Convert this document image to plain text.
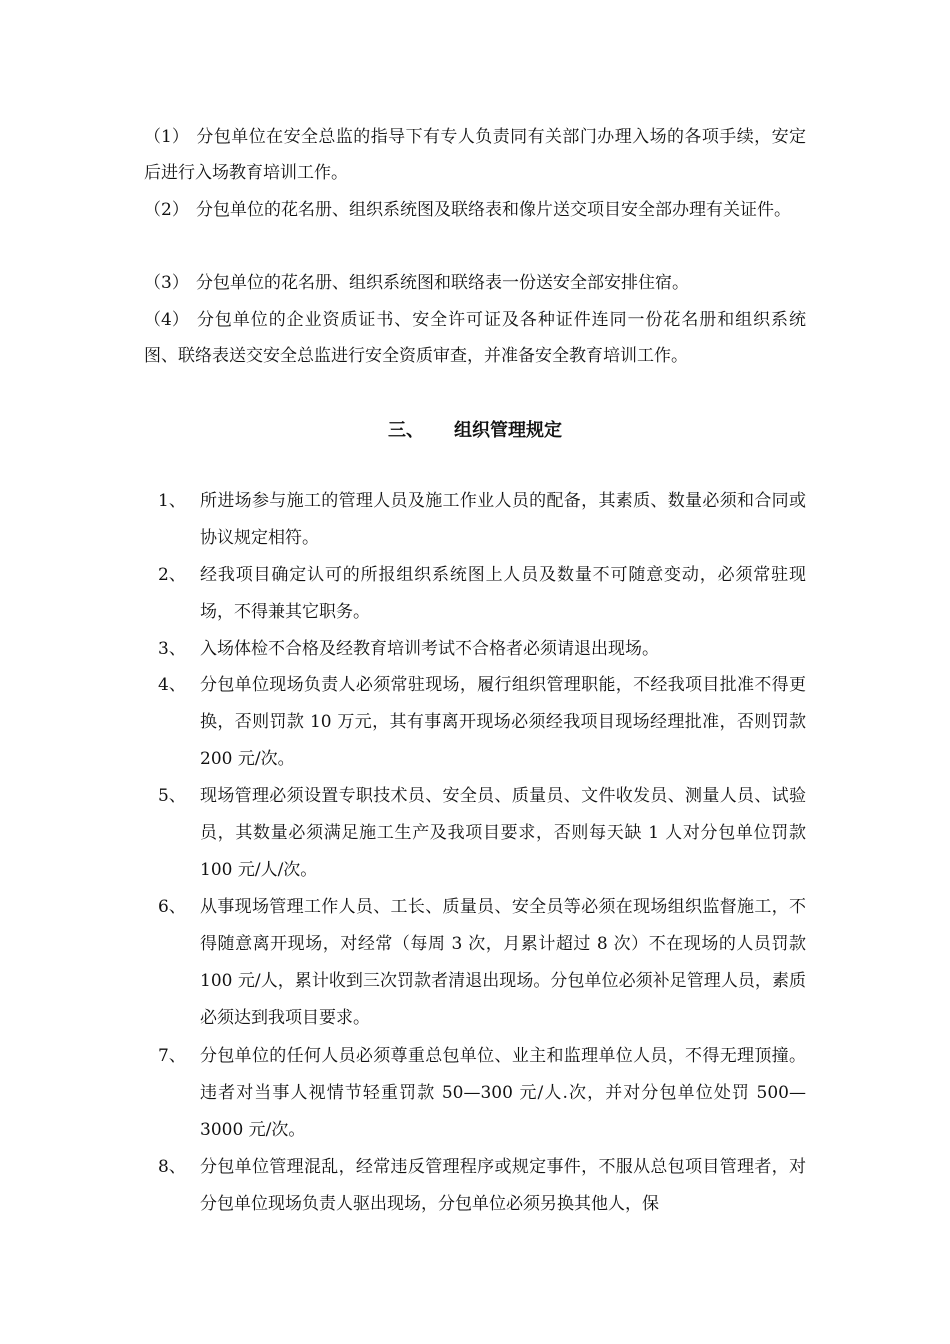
（1） 分包单位在安全总监的指导下有专人负责同有关部门办理入场的各项手续，安定后进行入场教育培训工作。

（2） 分包单位的花名册、组织系统图及联络表和像片送交项目安全部办理有关证件。

（3） 分包单位的花名册、组织系统图和联络表一份送安全部安排住宿。

（4） 分包单位的企业资质证书、安全许可证及各种证件连同一份花名册和组织系统图、联络表送交安全总监进行安全资质审查，并准备安全教育培训工作。

三、 组织管理规定
1、 所进场参与施工的管理人员及施工作业人员的配备，其素质、数量必须和合同或协议规定相符。
2、 经我项目确定认可的所报组织系统图上人员及数量不可随意变动，必须常驻现场，不得兼其它职务。
3、 入场体检不合格及经教育培训考试不合格者必须请退出现场。
4、 分包单位现场负责人必须常驻现场，履行组织管理职能，不经我项目批准不得更换，否则罚款 10 万元，其有事离开现场必须经我项目现场经理批准，否则罚款 200 元/次。
5、 现场管理必须设置专职技术员、安全员、质量员、文件收发员、测量人员、试验员，其数量必须满足施工生产及我项目要求，否则每天缺 1 人对分包单位罚款 100 元/人/次。
6、 从事现场管理工作人员、工长、质量员、安全员等必须在现场组织监督施工，不得随意离开现场，对经常（每周 3 次，月累计超过 8 次）不在现场的人员罚款 100 元/人，累计收到三次罚款者清退出现场。分包单位必须补足管理人员，素质必须达到我项目要求。
7、 分包单位的任何人员必须尊重总包单位、业主和监理单位人员，不得无理顶撞。违者对当事人视情节轻重罚款 50—300 元/人.次，并对分包单位处罚 500—3000 元/次。
8、 分包单位管理混乱，经常违反管理程序或规定事件，不服从总包项目管理者，对分包单位现场负责人驱出现场，分包单位必须另换其他人，保
